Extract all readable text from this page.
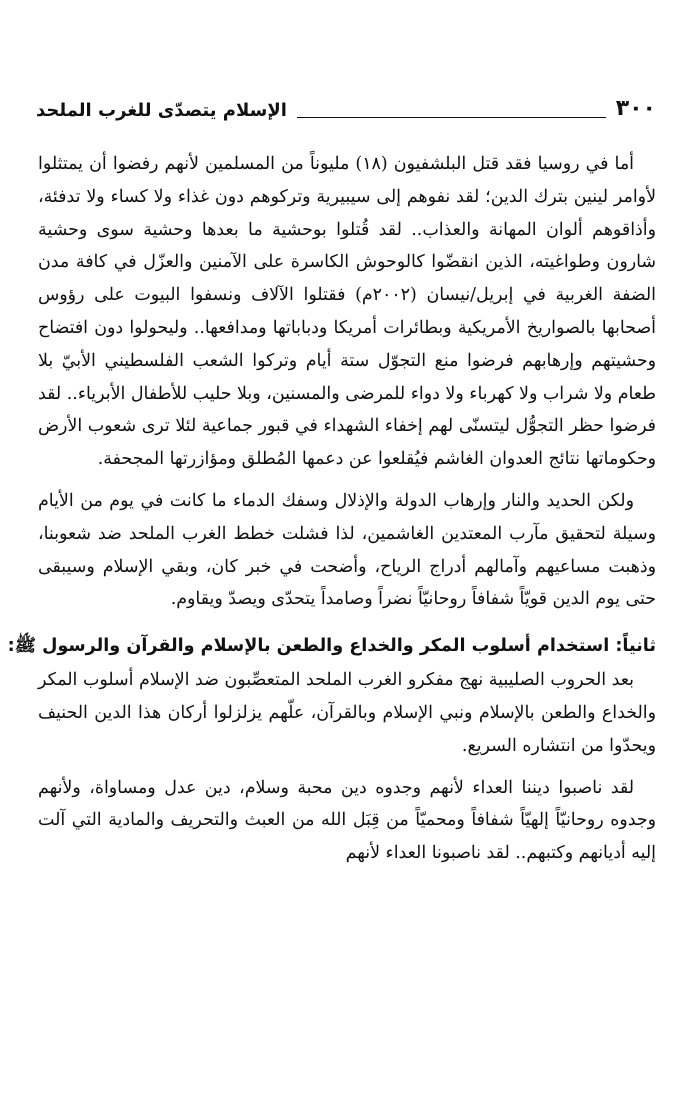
٣٠٠
الإسلام يتصدّى للغرب الملحد

أما في روسيا فقد قتل البلشفيون (١٨) مليوناً من المسلمين لأنهم رفضوا أن يمتثلوا لأوامر لينين بترك الدين؛ لقد نفوهم إلى سيبيرية وتركوهم دون غذاء ولا كساء ولا تدفئة، وأذاقوهم ألوان المهانة والعذاب.. لقد قُتلوا بوحشية ما بعدها وحشية سوى وحشية شارون وطواغيته، الذين انقضّوا كالوحوش الكاسرة على الآمنين والعزّل في كافة مدن الضفة الغربية في إبريل/نيسان (٢٠٠٢م) فقتلوا الآلاف ونسفوا البيوت على رؤوس أصحابها بالصواريخ الأمريكية وبطائرات أمريكا ودباباتها ومدافعها.. وليحولوا دون افتضاح وحشيتهم وإرهابهم فرضوا منع التجوّل ستة أيام وتركوا الشعب الفلسطيني الأبيّ بلا طعام ولا شراب ولا كهرباء ولا دواء للمرضى والمسنين، وبلا حليب للأطفال الأبرياء.. لقد فرضوا حظر التجوُّل ليتسنّى لهم إخفاء الشهداء في قبور جماعية لئلا ترى شعوب الأرض وحكوماتها نتائج العدوان الغاشم فيُقلعوا عن دعمها المُطلق ومؤازرتها المجحفة.

ولكن الحديد والنار وإرهاب الدولة والإذلال وسفك الدماء ما كانت في يوم من الأيام وسيلة لتحقيق مآرب المعتدين الغاشمين، لذا فشلت خطط الغرب الملحد ضد شعوبنا، وذهبت مساعيهم وآمالهم أدراج الرياح، وأضحت في خبر كان، وبقي الإسلام وسيبقى حتى يوم الدين قويّاً شفافاً روحانيّاً نضراً وصامداً يتحدّى ويصدّ ويقاوم.

ثانياً: استخدام أسلوب المكر والخداع والطعن بالإسلام والقرآن والرسول ﷺ:

بعد الحروب الصليبية نهج مفكرو الغرب الملحد المتعصِّبون ضد الإسلام أسلوب المكر والخداع والطعن بالإسلام ونبي الإسلام وبالقرآن، علّهم يزلزلوا أركان هذا الدين الحنيف ويحدّوا من انتشاره السريع.

لقد ناصبوا ديننا العداء لأنهم وجدوه دين محبة وسلام، دين عدل ومساواة، ولأنهم وجدوه روحانيّاً إلهيّاً شفافاً ومحميّاً من قِبَل الله من العبث والتحريف والمادية التي آلت إليه أديانهم وكتبهم.. لقد ناصبونا العداء لأنهم
